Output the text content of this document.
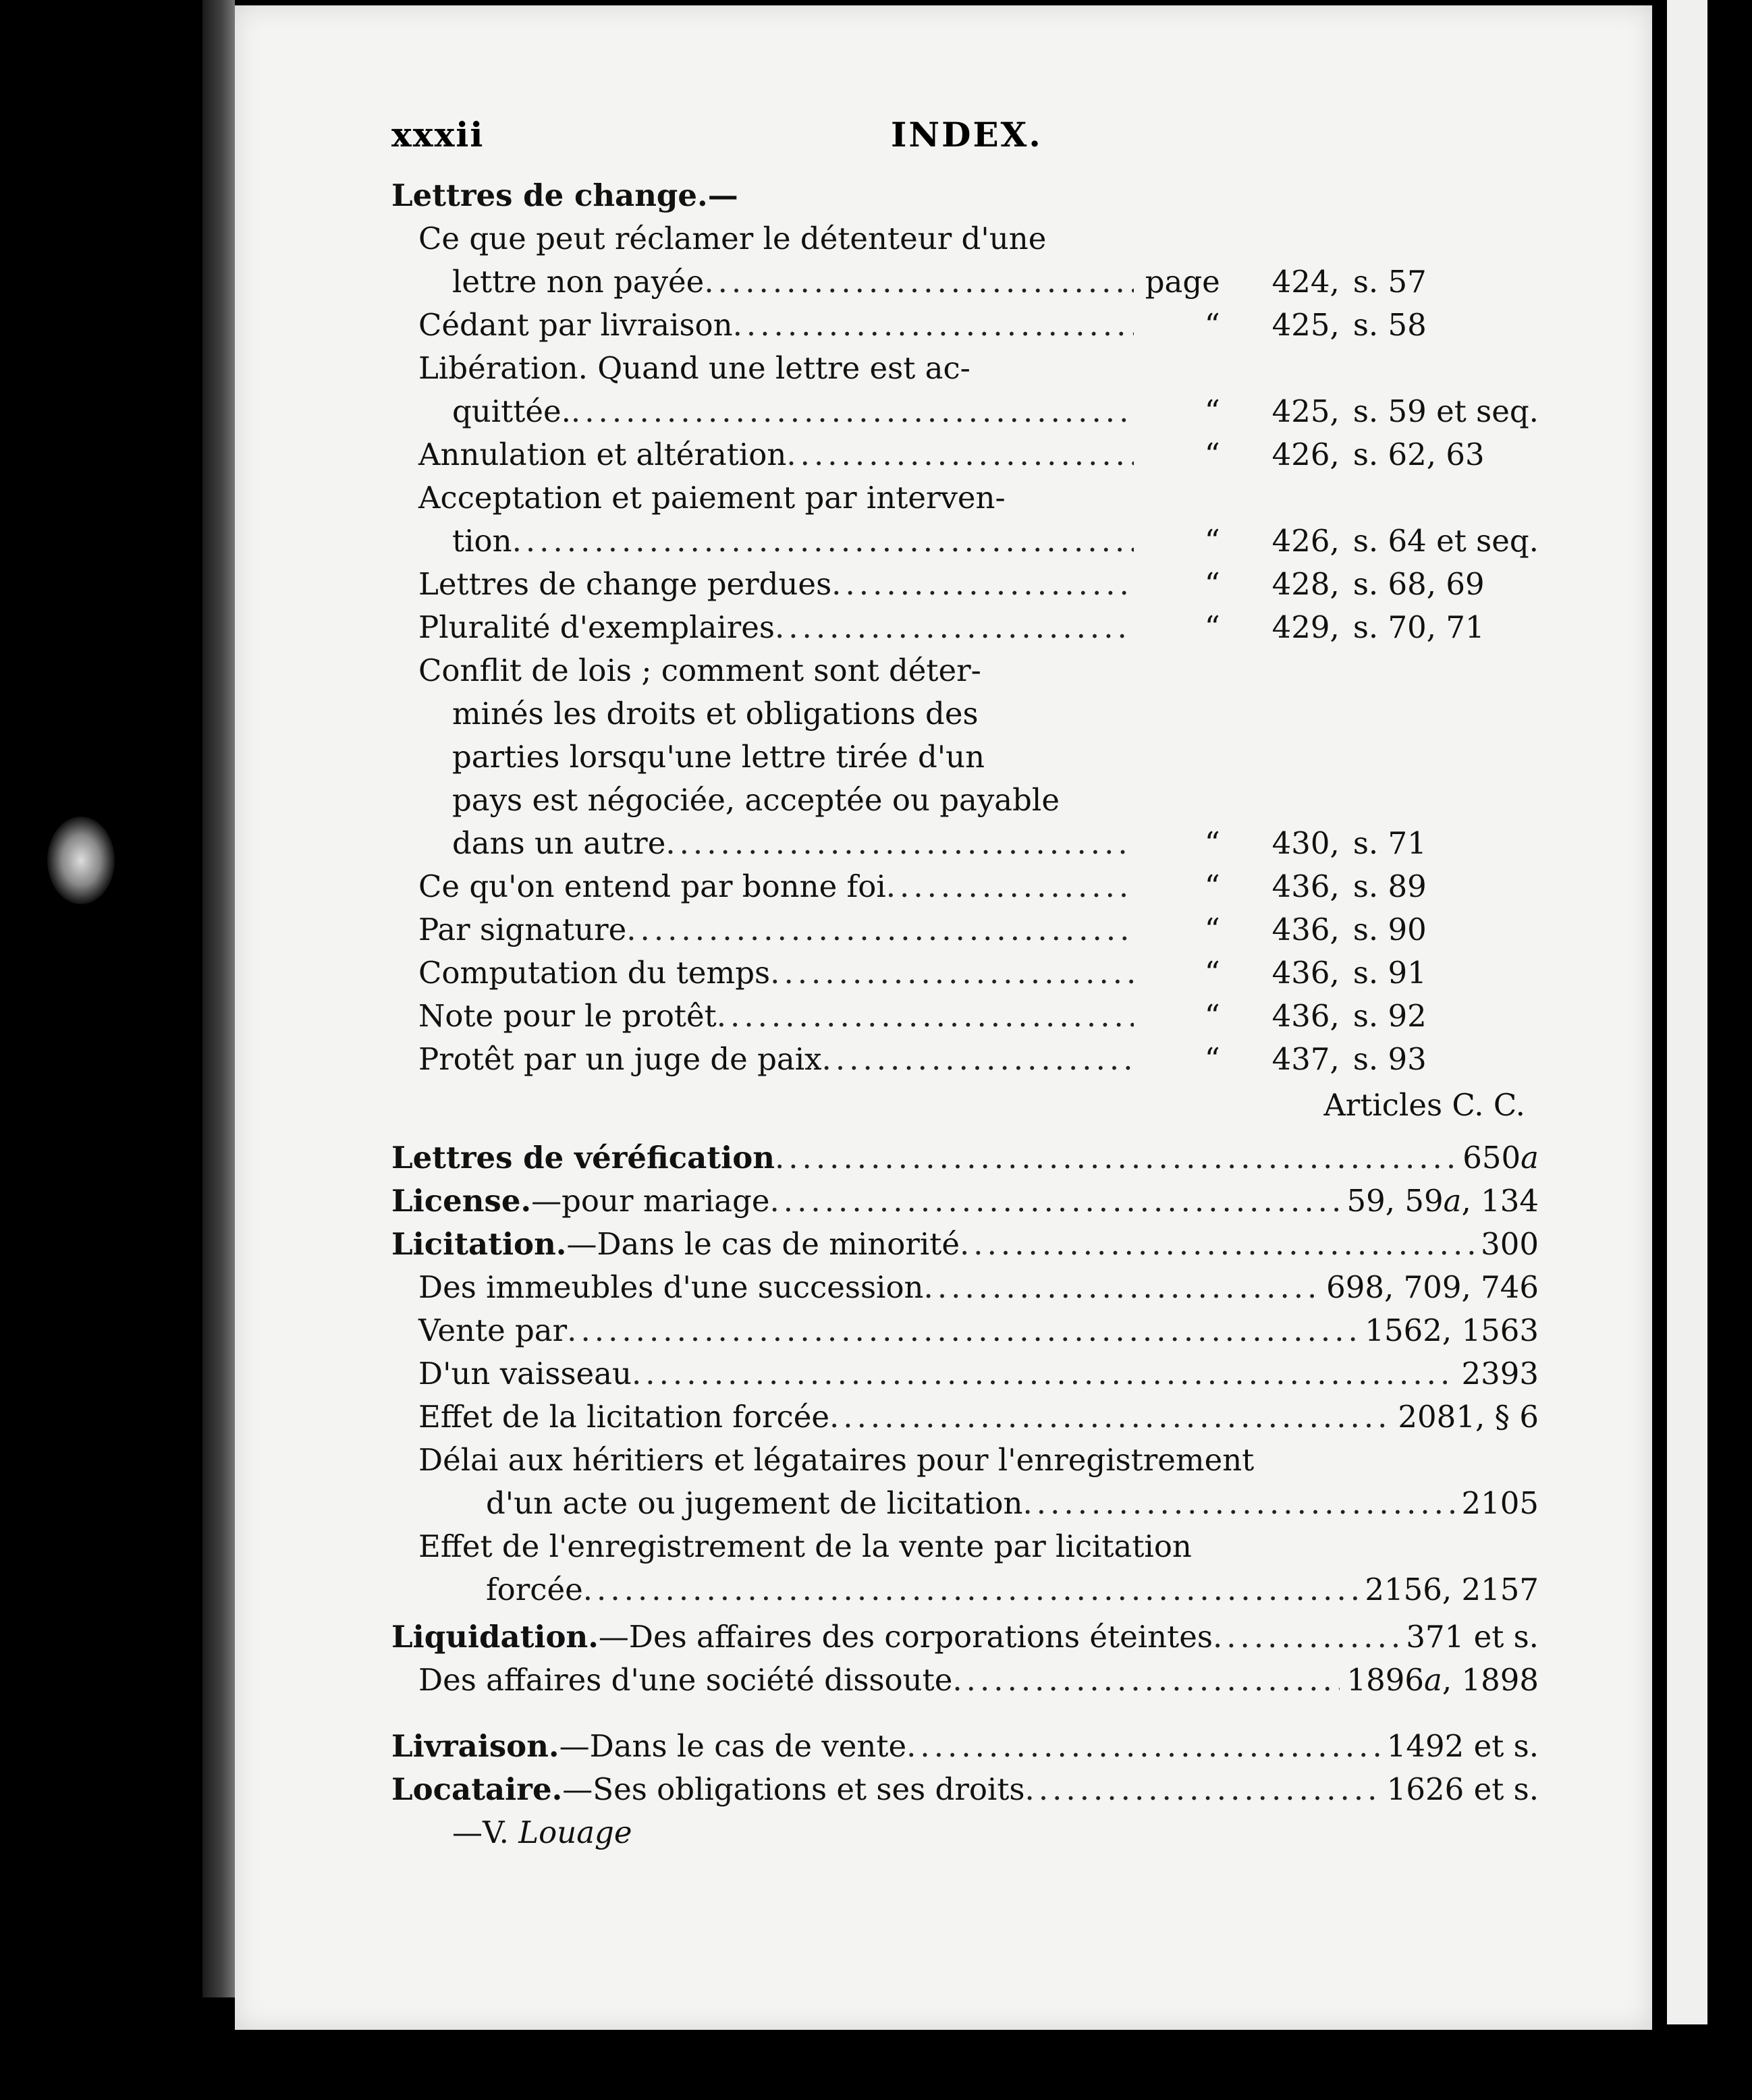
xxxii	INDEX.
Lettres de change.—
Ce que peut réclamer le détenteur d'une
lettre non payée .....	page	424, s. 57
Cédant par livraison .....	“	425, s. 58
Libération. Quand une lettre est ac-
quittée. .....	“	425, s. 59 et seq.
Annulation et altération .....	“	426, s. 62, 63
Acceptation et paiement par interven-
tion .....	“	426, s. 64 et seq.
Lettres de change perdues .....	“	428, s. 68, 69
Pluralité d'exemplaires .....	“	429, s. 70, 71
Conflit de lois ; comment sont déter-
minés les droits et obligations des
parties lorsqu'une lettre tirée d'un
pays est négociée, acceptée ou payable
dans un autre .....	“	430, s. 71
Ce qu'on entend par bonne foi .....	“	436, s. 89
Par signature .....	“	436, s. 90
Computation du temps .....	“	436, s. 91
Note pour le protêt .....	“	436, s. 92
Protêt par un juge de paix .....	“	437, s. 93
Articles C. C.
Lettres de véréfication .....	650a
License.—pour mariage .....	59, 59a, 134
Licitation.—Dans le cas de minorité .....	300
Des immeubles d'une succession .....	698, 709, 746
Vente par .....	1562, 1563
D'un vaisseau .....	2393
Effet de la licitation forcée .....	2081, § 6
Délai aux héritiers et légataires pour l'enregistrement
d'un acte ou jugement de licitation .....	2105
Effet de l'enregistrement de la vente par licitation
forcée .....	2156, 2157
Liquidation.—Des affaires des corporations éteintes .....	371 et s.
Des affaires d'une société dissoute .....	1896a, 1898
Livraison.—Dans le cas de vente .....	1492 et s.
Locataire.—Ses obligations et ses droits .....	1626 et s.
—V. Louage
